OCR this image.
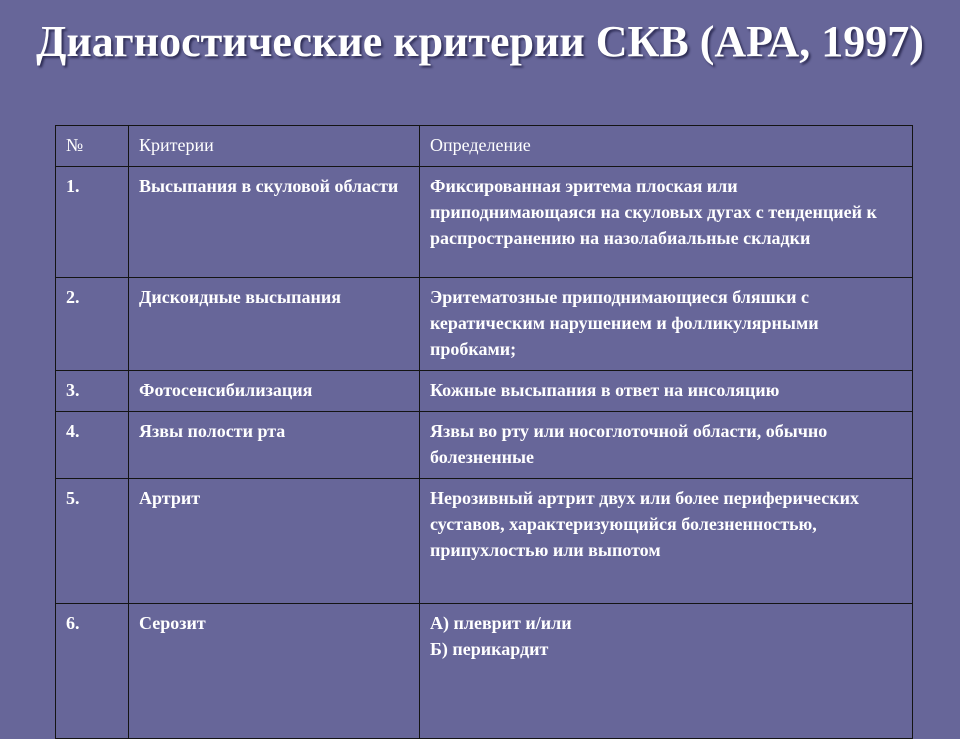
Диагностические критерии СКВ (АРА, 1997)
№	Критерии	Определение
1.	Высыпания в скуловой области	Фиксированная эритема плоская или приподнимающаяся на скуловых дугах с тенденцией к распространению на назолабиальные складки

2.	Дискоидные высыпания	Эритематозные приподнимающиеся бляшки с кератическим нарушением и фолликулярными пробками;

3.	Фотосенсибилизация	Кожные высыпания в ответ на инсоляцию

4.	Язвы полости рта	Язвы во рту или носоглоточной области, обычно болезненные

5.	Артрит	Нерозивный артрит двух или более периферических суставов, характеризующийся болезненностью, припухлостью или выпотом

6.	Серозит	А) плеврит и/или
Б) перикардит
